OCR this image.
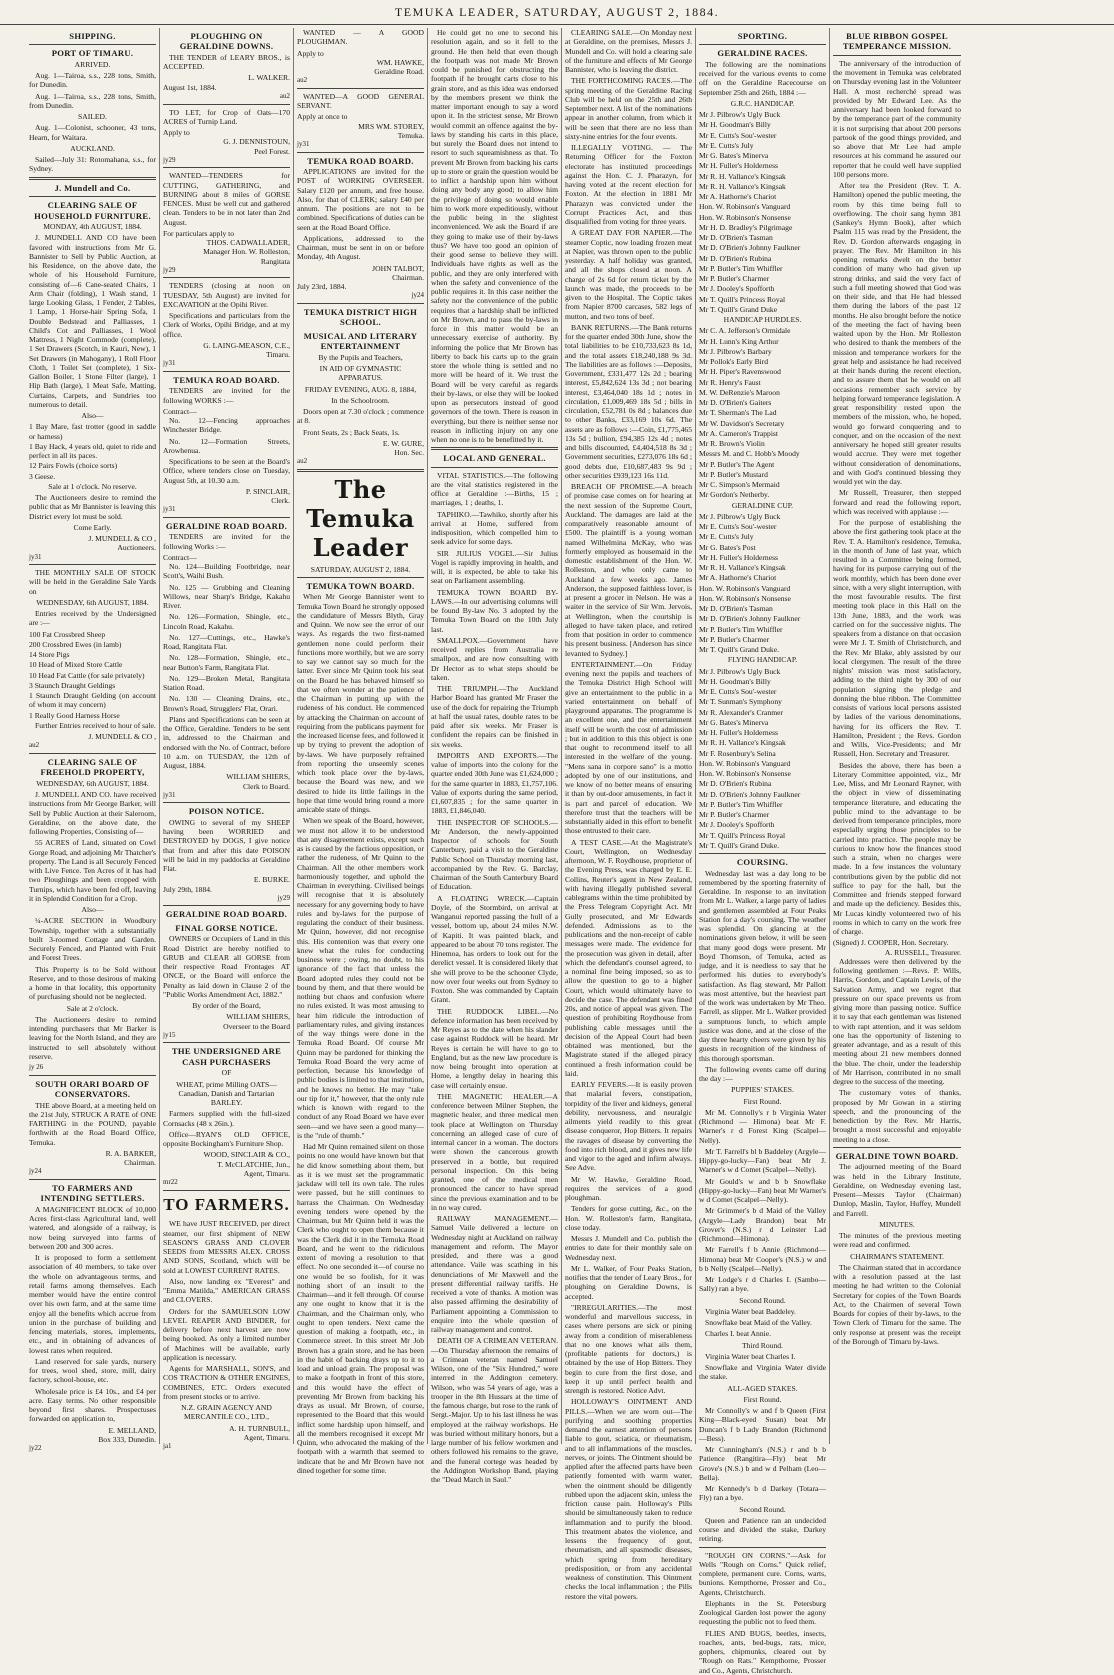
TEMUKA LEADER, SATURDAY, AUGUST 2, 1884.
SHIPPING.
PORT OF TIMARU.
ARRIVED.

Aug. 1—Tairoa, s.s., 228 tons, Smith, for Dunedin.

Aug. 1—Tairoa, s.s., 228 tons, Smith, from Dunedin.

SAILED.

Aug. 1—Colonist, schooner, 43 tons, Hearn, for Waitara.

AUCKLAND.

Sailed—July 31: Rotomahana, s.s., for Sydney.

J. Mundell and Co.
CLEARING SALE OF HOUSEHOLD FURNITURE.
MONDAY, 4th AUGUST, 1884.

J. MUNDELL AND CO have been favored with instructions from Mr G. Bannister to Sell by Public Auction, at his Residence, on the above date, the whole of his Household Furniture, consisting of—6 Cane-seated Chairs, 1 Arm Chair (folding), 1 Wash stand, 1 large Looking Glass, 1 Fender, 2 Tables, 1 Lamp, 1 Horse-hair Spring Sofa, 1 Double Bedstead and Palliasses, 1 Child's Cot and Palliasses, 1 Wool Mattress, 1 Night Commode (complete), 1 Set Drawers (Scotch, in Kauri, New), 1 Set Drawers (in Mahogany), 1 Roll Floor Cloth, 1 Toilet Set (complete), 1 Six-Gallon Boiler, 1 Stone Filter (large), 1 Hip Bath (large), 1 Meat Safe, Matting, Curtains, Carpets, and Sundries too numerous to detail.

Also—
1 Bay Mare, fast trotter (good in saddle or harness)
1 Bay Hack, 4 years old, quiet to ride and perfect in all its paces.
12 Pairs Fowls (choice sorts)
3 Geese.
Sale at 1 o'clock. No reserve.

The Auctioneers desire to remind the public that as Mr Bannister is leaving this District every lot must be sold.

Come Early.
J. MUNDELL & CO ,
Auctioneers.
jy31

THE MONTHLY SALE OF STOCK will be held in the Geraldine Sale Yards on

WEDNESDAY, 6th AUGUST, 1884.

Entries received by the Undersigned are :—

100 Fat Crossbred Sheep
200 Crossbred Ewes (in lamb)
14 Store Pigs
10 Head of Mixed Store Cattle
10 Head Fat Cattle (for sale privately)
3 Staunch Draught Geldings
1 Staunch Draught Gelding (on account of whom it may concern)
1 Really Good Harness Horse

Further Entries received to hour of sale.

J. MUNDELL & CO ,
au2
CLEARING SALE OF FREEHOLD PROPERTY,
WEDNESDAY, 6th AUGUST, 1884.

J. MUNDELL AND CO. have received instructions from Mr George Barker, will Sell by Public Auction at their Saleroom, Geraldine, on the above date, the following Properties, Consisting of—

55 ACRES of Land, situated on Cowl Gorge Road, and adjoining Mr Thatcher's property. The Land is all Securely Fenced with Live Fence. Ten Acres of it has had two Ploughings and been cropped with Turnips, which have been fed off, leaving it in Splendid Condition for a Crop.

Also—

¼-ACRE SECTION in Woodbury Township, together with a substantially built 3-roomed Cottage and Garden. Securely Fenced, and Planted with Fruit and Forest Trees.

This Property is to be Sold without Reserve, and to those desirous of making a home in that locality, this opportunity of purchasing should not be neglected.

Sale at 2 o'clock.

The Auctioneers desire to remind intending purchasers that Mr Barker is leaving for the North Island, and they are instructed to sell absolutely without reserve.

jy 26
SOUTH ORARI BOARD OF CONSERVATORS.

THE above Board, at a meeting held on the 21st July, STRUCK A RATE of ONE FARTHING in the POUND, payable forthwith at the Road Board Office, Temuka.

R. A. BARKER,
Chairman.
jy24
TO FARMERS AND INTENDING SETTLERS.

A MAGNIFICENT BLOCK of 10,000 Acres first-class Agricultural land, well watered, and alongside of a railway, is now being surveyed into farms of between 200 and 300 acres.

It is proposed to form a settlement association of 40 members, to take over the whole on advantageous terms, and retail farms among themselves. Each member would have the entire control over his own farm, and at the same time enjoy all the benefits which accrue from union in the purchase of building and fencing materials, stores, implements, etc., and in obtaining of advances of lowest rates when required.

Land reserved for sale yards, nursery for trees, wool shed, store, mill, dairy factory, school-house, etc.

Wholesale price is £4 10s., and £4 per acre. Easy terms. No other responsible beyond first shares. Prospectuses forwarded on application to,

E. MELLAND,
Box 333, Dunedin.
jy22
PLOUGHING ON GERALDINE DOWNS.

THE TENDER of LEARY BROS., is ACCEPTED.

L. WALKER.
August 1st, 1884.
au2

TO LET, for Crop of Oats—170 ACRES of Turnip Land.

Apply to
G. J. DENNISTOUN,
Peel Forest.
jy29

WANTED—TENDERS for CUTTING, GATHERING, and BURNING about 8 miles of GORSE FENCES. Must be well cut and gathered clean. Tenders to be in not later than 2nd August.

For particulars apply to
THOS. CADWALLADER,
Manager Hon. W. Rolleston,
Rangitata
jy29

TENDERS (closing at noon on TUESDAY, 5th August) are invited for EXCAVATION at the Opihi River.

Specifications and particulars from the Clerk of Works, Opihi Bridge, and at my office.

G. LAING-MEASON, C.E.,
Timaru.
jy31
TEMUKA ROAD BOARD.

TENDERS are invited for the following WORKS :—

Contract—

No. 12—Fencing approaches Winchester Bridge.

No. 12—Formation Streets, Arowhenua.

Specifications to be seen at the Board's Office, where tenders close on Tuesday, August 5th, at 10.30 a.m.

P. SINCLAIR,
Clerk.
jy31
GERALDINE ROAD BOARD.

TENDERS are invited for the following Works :—

Contract—

No. 124—Building Footbridge, near Scott's, Waihi Bush.

No. 125 — Grubbing and Cleaning Willows, near Sharp's Bridge, Kakahu River.

No. 126—Formation, Shingle, etc., Lincoln Road, Kakahu.

No. 127—Cuttings, etc., Hawke's Road, Rangitata Flat.

No. 128—Formation, Shingle, etc., near Button's Farm, Rangitata Flat.

No. 129—Broken Metal, Rangitata Station Road.

No. 130 — Cleaning Drains, etc., Brown's Road, Strugglers' Flat, Orari.

Plans and Specifications can be seen at the Office, Geraldine. Tenders to be sent in, addressed to the Chairman and endorsed with the No. of Contract, before 10 a.m. on TUESDAY, the 12th of August, 1884.

WILLIAM SHIERS,
Clerk to Board.
jy31
POISON NOTICE.

OWING to several of my SHEEP having been WORRIED and DESTROYED by DOGS, I give notice that from and after this date POISON will be laid in my paddocks at Geraldine Flat.

E. BURKE.
July 29th, 1884.
jy29
GERALDINE ROAD BOARD.
FINAL GORSE NOTICE.

OWNERS or Occupiers of Land in this Road District are hereby notified to GRUB and CLEAR all GORSE from their respective Road Frontages AT ONCE, or the Board will enforce the Penalty as laid down in Clause 2 of the "Public Works Amendment Act, 1882."

By order of the Board,
WILLIAM SHIERS,
Overseer to the Board
jy15
THE UNDERSIGNED ARE CASH PURCHASERS
OF
WHEAT, prime Milling OATS— Canadian, Danish and Tartarian BARLEY.

Farmers supplied with the full-sized Cornsacks (48 x 26in.).

Office—RYAN'S OLD OFFICE, opposite Bockingham's Furniture Shop.

WOOD, SINCLAIR & CO.,
T. McCLATCHIE, Jun.,
Agent, Timaru.
mr22
TO FARMERS.

WE have JUST RECEIVED, per direct steamer, our first shipment of NEW SEASON'S GRASS AND CLOVER SEEDS from MESSRS ALEX. CROSS AND SONS, Scotland, which will be sold at LOWEST CURRENT RATES.

Also, now landing ex "Everest" and "Emma Matilda," AMERICAN GRASS and CLOVERS.

Orders for the SAMUELSON LOW LEVEL REAPER AND BINDER, for delivery before next harvest are now being booked. As only a limited number of Machines will be available, early application is necessary.

Agents for MARSHALL, SON'S, and COS TRACTION & OTHER ENGINES, COMBINES, ETC. Orders executed from present stocks or to arrive.

N.Z. GRAIN AGENCY AND MERCANTILE CO., LTD.,
A. H. TURNBULL,
Agent, Timaru.
ja1

WANTED — A GOOD PLOUGHMAN.

Apply to
WM. HAWKE,
Geraldine Road.
au2

WANTED—A GOOD GENERAL SERVANT.

Apply at once to
MRS WM. STOREY,
Temuka.
jy31
TEMUKA ROAD BOARD.

APPLICATIONS are invited for the POST of WORKING OVERSEER. Salary £120 per annum, and free house. Also, for that of CLERK; salary £40 per annum. The positions are not to be combined. Specifications of duties can be seen at the Road Board Office.

Applications, addressed to the Chairman, must be sent in on or before Monday, 4th August.

JOHN TALBOT,
Chairman.
July 23rd, 1884.
jy24
TEMUKA DISTRICT HIGH SCHOOL.
MUSICAL AND LITERARY ENTERTAINMENT
By the Pupils and Teachers,
IN AID OF GYMNASTIC APPARATUS.
FRIDAY EVENING, AUG. 8, 1884,
In the Schoolroom.

Doors open at 7.30 o'clock ; commence at 8.

Front Seats, 2s ; Back Seats, 1s.

E. W. GURE,
Hon. Sec.
au2
The Temuka Leader
SATURDAY, AUGUST 2, 1884.
TEMUKA TOWN BOARD.

When Mr George Bannister went to Temuka Town Board he strongly opposed the candidature of Messrs Blyth, Gray and Quinn. We now see the error of our ways. As regards the two first-named gentlemen none could perform their functions more worthily, but we are sorry to say we cannot say so much for the latter. Ever since Mr Quinn took his seat on the Board he has behaved himself so that we often wonder at the patience of the Chairman in putting up with the rudeness of his conduct. He commenced by attacking the Chairman on account of requiring from the publicans payment for the increased license fees, and followed it up by trying to prevent the adoption of by-laws. We have purposely refrained from reporting the unseemly scenes which took place over the by-laws, because the Board was new, and we desired to hide its little failings in the hope that time would bring round a more amicable state of things.

When we speak of the Board, however, we must not allow it to be understood that any disagreement exists, except such as is caused by the factious opposition, or rather the rudeness, of Mr Quinn to the Chairman. All the other members work harmoniously together, and uphold the Chairman in everything. Civilised beings will recognise that it is absolutely necessary for any governing body to have rules and by-laws for the purpose of regulating the conduct of their business. Mr Quinn, however, did not recognise this. His contention was that every one knew what the rules for conducting business were ; owing, no doubt, to his ignorance of the fact that unless the Board adopted rules they could not be bound by them, and that there would be nothing but chaos and confusion where no rules existed. It was most amusing to hear him ridicule the introduction of parliamentary rules, and giving instances of the way things were done in the Temuka Road Board. Of course Mr Quinn may be pardoned for thinking the Temuka Road Board the very acme of perfection, because his knowledge of public bodies is limited to that institution, and he knows no better. He may "take our tip for it," however, that the only rule which is known with regard to the conduct of any Road Board we have ever seen—and we have seen a good many—is the "rule of thumb."

Had Mr Quinn remained silent on those points no one would have known but that he did know something about them, but as it is we must set the programmatic jackdaw will tell its own tale. The rules were passed, but he still continues to harrass the Chairman. On Wednesday evening tenders were opened by the Chairman, but Mr Quinn held it was the Clerk who ought to open them because it was the Clerk did it in the Temuka Road Board, and he went to the ridiculous extent of moving a resolution to that effect. No one seconded it—of course no one would be so foolish, for it was nothing short of an insult to the Chairman—and it fell through. Of course any one ought to know that it is the Chairman, and the Chairman only, who ought to open tenders. Next came the question of making a footpath, etc., in Commerce street. In this street Mr Job Brown has a grain store, and he has been in the habit of backing drays up to it to load and unload grain. The proposal was to make a footpath in front of this store, and this would have the effect of preventing Mr Brown from backing his drays as usual. Mr Brown, of course, represented to the Board that this would inflict some hardship upon himself, and all the members recognised it except Mr Quinn, who advocated the making of the footpath with a warmth that seemed to indicate that he and Mr Brown have not dined together for some time.

He could get no one to second his resolution again, and so it fell to the ground. He then held that even though the footpath was not made Mr Brown could be punished for obstructing the footpath if he brought carts close to his grain store, and as this idea was endorsed by the members present we think the matter important enough to say a word upon it. In the strictest sense, Mr Brown would commit an offence against the by-laws by standing his carts in this place, but surely the Board does not intend to resort to such squeamishness as that. To prevent Mr Brown from backing his carts up to store or grain the question would be to inflict a hardship upon him without doing any body any good; to allow him the privilege of doing so would enable him to work more expeditiously, without the public being in the slightest inconvenienced. We ask the Board if are they going to make use of their by-laws thus? We have too good an opinion of their good sense to believe they will. Individuals have rights as well as the public, and they are only interfered with when the safety and convenience of the public requires it. In this case neither the safety nor the convenience of the public requires that a hardship shall be inflicted on Mr Brown, and to pass the by-laws in force in this matter would be an unnecessary exercise of authority. By informing the police that Mr Brown has liberty to back his carts up to the grain store the whole thing is settled and no more will be heard of it. We trust the Board will be very careful as regards their by-laws, or else they will be looked upon as persecutors instead of good governors of the town. There is reason in everything, but there is neither sense nor reason in inflicting injury on any one when no one is to be benefitted by it.

LOCAL AND GENERAL.

VITAL STATISTICS.—The following are the vital statistics registered in the office at Geraldine :—Births, 15 ; marriages, 1 ; deaths, 1.

TAPHIKO.—Tawhiko, shortly after his arrival at Home, suffered from indisposition, which compelled him to seek advice for some days.

SIR JULIUS VOGEL.—Sir Julius Vogel is rapidly improving in health, and will, it is expected, be able to take his seat on Parliament assembling.

TEMUKA TOWN BOARD BY-LAWS.—In our advertising columns will be found By-law No. 3 adopted by the Temuka Town Board on the 10th July last.

SMALLPOX.—Government have received replies from Australia re smallpox, and are now consulting with Dr Hector as to what steps should be taken.

THE TRIUMPH.—The Auckland Harbor Board has granted Mr Fraser the use of the dock for repairing the Triumph at half the usual rates, double rates to be paid after six weeks. Mr Fraser is confident the repairs can be finished in six weeks.

IMPORTS AND EXPORTS.—The value of imports into the colony for the quarter ended 30th June was £1,624,000 ; for the same quarter in 1883, £1,757,106. Value of exports during the same period, £1,607,835 ; for the same quarter in 1883, £1,846,040.

THE INSPECTOR OF SCHOOLS.—Mr Anderson, the newly-appointed Inspector of schools for South Canterbury, paid a visit to the Geraldine Public School on Thursday morning last, accompanied by the Rev. G. Barclay, Chairman of the South Canterbury Board of Education.

A FLOATING WRECK.—Captain Doyle, of the Stormbird, on arrival at Wanganui reported passing the hull of a vessel, bottom up, about 24 miles N.W. of Kapiti. It was painted black, and appeared to be about 70 tons register. The Hinemoa, has orders to look out for the derelict vessel. It is considered likely that she will prove to be the schooner Clyde, now over four weeks out from Sydney to Foxton. She was commanded by Captain Grant.

THE RUDDOCK LIBEL.—No defence information has been received by Mr Reyes as to the date when his slander case against Ruddock will be heard. Mr Reyes is certain he will have to go to England, but as the new law procedure is now being brought into operation at Home, a lengthy delay in hearing this case will certainly ensue.

THE MAGNETIC HEALER.—A conference between Milner Stephen, the magnetic healer, and three medical men took place at Wellington on Thursday concerning an alleged case of cure of internal cancer in a woman. The doctors were shown the cancerous growth preserved in a bottle, but required personal inspection. On this being granted, one of the medical men pronounced the cancer to have spread since the previous examination and to be in no way cured.

RAILWAY MANAGEMENT.—Samuel Vaile delivered a lecture on Wednesday night at Auckland on railway management and reform. The Mayor presided, and there was a good attendance. Vaile was scathing in his denunciations of Mr Maxwell and the present differential railway tariffs. He received a vote of thanks. A motion was also passed affirming the desirability of Parliament appointing a Commission to enquire into the whole question of railway management and control.

DEATH OF A CRIMEAN VETERAN.—On Thursday afternoon the remains of a Crimean veteran named Samuel Wilson, one of the "Six Hundred," were interred in the Addington cemetery. Wilson, who was 54 years of age, was a trooper in the 8th Hussars at the time of the famous charge, but rose to the rank of Sergt.-Major. Up to his last illness he was employed at the railway workshops. He was buried without military honors, but a large number of his fellow workmen and others followed his remains to the grave, and the funeral cortege was headed by the Addington Workshop Band, playing the "Dead March in Saul."

CLEARING SALE.—On Monday next at Geraldine, on the premises, Messrs J. Mundell and Co. will hold a clearing sale of the furniture and effects of Mr George Bannister, who is leaving the district.

THE FORTHCOMING RACES.—The spring meeting of the Geraldine Racing Club will be held on the 25th and 26th September next. A list of the nominations appear in another column, from which it will be seen that there are no less than sixty-nine entries for the four events.

ILLEGALLY VOTING. — The Returning Officer for the Foxton electorate has instituted proceedings against the Hon. C. J. Pharazyn, for having voted at the recent election for Foxton. At the election in 1881 Mr Pharazyn was convicted under the Corrupt Practices Act, and thus disqualified from voting for three years.

A GREAT DAY FOR NAPIER.—The steamer Coptic, now loading frozen meat at Napier, was thrown open to the public yesterday. A half holiday was granted, and all the shops closed at noon. A charge of 2s 6d for return ticket by the launch was made, the proceeds to be given to the Hospital. The Coptic takes from Napier 8700 carcases, 582 legs of mutton, and two tons of beef.

BANK RETURNS.—The Bank returns for the quarter ended 30th June, show the total liabilities to be £10,733,623 8s 1d, and the total assets £18,240,188 9s 3d. The liabilities are as follows :—Deposits, Government, £331,477 12s 2d ; bearing interest, £5,842,624 13s 3d ; not bearing interest, £3,464,040 18s 1d ; notes in circulation, £1,009,469 18s 5d ; bills in circulation, £52,781 0s 8d ; balances due to other Banks, £33,169 10s 6d. The assets are as follows :—Coin, £1,775,465 13s 5d ; bullion, £94,385 12s 4d ; notes and bills discounted, £4,404,518 8s 3d ; Government securities, £273,076 18s 6d ; good debts due, £10,687,483 9s 9d ; other securities £939,123 16s 11d.

BREACH OF PROMISE.—A breach of promise case comes on for hearing at the next session of the Supreme Court, Auckland. The damages are laid at the comparatively reasonable amount of £500. The plaintiff is a young woman named Wilhelmina McKay, who was formerly employed as housemaid in the domestic establishment of the Hon. W. Rolleston, and who only came to Auckland a few weeks ago. James Anderson, the supposed faithless lover, is at present a grocer in Nelson. He was a waiter in the service of Sir Wm. Jervois, at Wellington, when the courtship is alleged to have taken place, and retired from that position in order to commence his present business. [Anderson has since levanted to Sydney.]

ENTERTAINMENT.—On Friday evening next the pupils and teachers of the Temuka District High School will give an entertainment to the public in a varied entertainment on behalf of playground apparatus. The programme is an excellent one, and the entertainment itself will be worth the cost of admission ; but in addition to this this object is one that ought to recommend itself to all interested in the welfare of the young. "Mens sana in corpore sano" is a motto adopted by one of our institutions, and we know of no better means of ensuring it than by out-door amusements, in fact it is part and parcel of education. We therefore trust that the teachers will be substantially aided in this effort to benefit those entrusted to their care.

A TEST CASE.—At the Magistrate's Court, Wellington, on Wednesday afternoon, W. F. Roydhouse, proprietor of the Evening Press, was charged by E. E. Collins, Reuter's agent in New Zealand, with having illegally published several cablegrams within the time prohibited by the Press Telegram Copyright Act. Mr Gully prosecuted, and Mr Edwards defended. Admissions as to the publications and the non-receipt of cable messages were made. The evidence for the prosecution was given in detail, after which the defendant's counsel agreed, to a nominal fine being imposed, so as to allow the question to go to a higher Court, which would ultimately have to decide the case. The defendant was fined 20s, and notice of appeal was given. The question of prohibiting Roydhouse from publishing cable messages until the decision of the Appeal Court had been obtained was mentioned, but the Magistrate stated if the alleged piracy continued a fresh information could be laid.

EARLY FEVERS.—It is easily proven that malarial fevers, constipation, torpidity of the liver and kidneys, general debility, nervousness, and neuralgic ailments yield readily to this great disease conqueror, Hop Bitters. It repairs the ravages of disease by converting the food into rich blood, and it gives new life and vigor to the aged and infirm always. See Adve.

Mr W. Hawke, Geraldine Road, requires the services of a good ploughman.

Tenders for gorse cutting, &c., on the Hon. W. Rolleston's farm, Rangitata, close today.

Messrs J. Mundell and Co. publish the entries to date for their monthly sale on Wednesday next.

Mr L. Walker, of Four Peaks Station, notifies that the tender of Leary Bros., for ploughing on Geraldine Downs, is accepted.

"IRREGULARITIES.—The most wonderful and marvellous success, in cases where persons are sick or pining away from a condition of miserableness that no one knows what ails them, (profitable patients for doctors,) is obtained by the use of Hop Bitters. They begin to cure from the first dose, and keep it up until perfect health and strength is restored. Notice Advt.

HOLLOWAY'S OINTMENT AND PILLS.—When we are worn out—The purifying and soothing properties demand the earnest attention of persons liable to gout, sciatica, or rheumatism, and to all inflammations of the muscles, nerves, or joints. The Ointment should be applied after the affected parts have been patiently fomented with warm water, when the ointment should be diligently rubbed upon the adjacent skin, unless the friction cause pain. Holloway's Pills should be simultaneously taken to reduce inflammation and to purify the blood. This treatment abates the violence, and lessens the frequency of gout, rheumatism, and all spasmodic diseases, which spring from hereditary predisposition, or from any accidental weakness of constitution. This Ointment checks the local inflammation ; the Pills restore the vital powers.

SPORTING.
GERALDINE RACES.

The following are the nominations received for the various events to come off on the Geraldine Racecourse on September 25th and 26th, 1884 :—

G.R.C. HANDICAP.
Mr J. Pilbrow's Ugly Buck
Mr H. Goodman's Billy
Mr E. Cutts's Sou'-wester
Mr E. Cutts's July
Mr G. Bates's Minerva
Mr H. Fuller's Holderness
Mr R. H. Vallance's Kingsak
Mr R. H. Vallance's Kingsak
Mr A. Hathorne's Chariot
Hon. W. Robinson's Vanguard
Hon. W. Robinson's Nonsense
Mr H. D. Bradley's Pilgrimage
Mr D. O'Brien's Tasman
Mr D. O'Brien's Johnny Faulkner
Mr D. O'Brien's Rubina
Mr P. Butler's Tim Whiffler
Mr P. Butler's Charmer
Mr J. Dooley's Spofforth
Mr T. Quill's Princess Royal
Mr T. Quill's Grand Duke
HANDICAP HURDLES.
Mr C. A. Jefferson's Ormidale
Mr H. Lunn's King Arthur
Mr J. Pilbrow's Barbary
Mr Pollok's Early Bird
Mr H. Piper's Ravenswood
Mr R. Henry's Faust
M. W. DeRenzie's Maroon
Mr D. O'Brien's Gaiters
Mr T. Sherman's The Lad
Mr W. Davidson's Secretary
Mr A. Cameron's Trappist
Mr R. Brown's Violin
Messrs M. and C. Hobb's Moody
Mr P. Butler's The Agent
Mr P. Butler's Mustard
Mr C. Simpson's Mermaid
Mr Gordon's Netherby.
GERALDINE CUP.
Mr J. Pilbrow's Ugly Buck
Mr E. Cutts's Sou'-wester
Mr E. Cutts's July
Mr G. Bates's Post
Mr H. Fuller's Holderness
Mr R. H. Vallance's Kingsak
Mr A. Hathorne's Chariot
Hon. W. Robinson's Vanguard
Hon. W. Robinson's Nonsense
Mr D. O'Brien's Tasman
Mr D. O'Brien's Johnny Faulkner
Mr P. Butler's Tim Whiffler
Mr P. Butler's Charmer
Mr T. Quill's Grand Duke.
FLYING HANDICAP.
Mr J. Pilbrow's Ugly Buck
Mr H. Goodman's Billy
Mr E. Cutts's Sou'-wester
Mr T. Sunman's Symphony
Mr R. Alexander's Cranmer
Mr G. Bates's Minerva
Mr H. Fuller's Holderness
Mr R. H. Vallance's Kingsak
Mr F. Rosenbury's Selina
Hon. W. Robinson's Vanguard
Hon. W. Robinson's Nonsense
Mr D. O'Brien's Rubina
Mr D. O'Brien's Johnny Faulkner
Mr P. Butler's Tim Whiffler
Mr P. Butler's Charmer
Mr J. Dooley's Spofforth
Mr T. Quill's Princess Royal
Mr T. Quill's Grand Duke.
COURSING.

Wednesday last was a day long to be remembered by the sporting fraternity of Geraldine. In response to an invitation from Mr L. Walker, a large party of ladies and gentlemen assembled at Four Peaks Station for a day's coursing. The weather was splendid. On glancing at the nominations given below, it will be seen that many good dogs were present. Mr Boyd Thomson, of Temuka, acted as judge, and it is needless to say that he performed his duties to everybody's satisfaction. As flag steward, Mr Pallott was most attentive, but the heaviest part of the work was undertaken by Mr Theo. Farrell, as slipper. Mr L. Walker provided a sumptuous lunch, to which ample justice was done, and at the close of the day three hearty cheers were given by his guests in recognition of the kindness of this thorough sportsman.

The following events came off during the day :—

PUPPIES' STAKES.
First Round.

Mr M. Connolly's r b Virginia Water (Richmond — Himona) beat Mr F. Warner's r d Forest King (Scalpel—Nelly).

Mr T. Farrell's bl b Baddeley (Argyle—Hippy-go-lucky—Fan) beat Mr J. Warner's w d Comet (Scalpel—Nelly).

Mr Gould's w and b b Snowflake (Hippy-go-lucky—Fan) beat Mr Warner's w d Comet (Scalpel—Nelly).

Mr Grimmer's b d Maid of the Valley (Argyle—Lady Brandon) beat Mr Grover's (N.S.) r d Leinster Lad (Richmond—Himona).

Mr Farrell's f b Annie (Richmond—Himona) beat Mr Cooper's (N.S.) w and b b Nelly (Scalpel—Nelly).

Mr Lodge's r d Charles I. (Sambo—Sally) ran a bye.

Second Round.

Virginia Water beat Baddeley.

Snowflake beat Maid of the Valley.

Charles I. beat Annie.

Third Round.

Virginia Water beat Charles I.

Snowflake and Virginia Water divide the stake.

ALL-AGED STAKES.
First Round.

Mr Connolly's w and f b Queen (First King—Black-eyed Susan) beat Mr Duncan's f b Lady Brandon (Richmond—Bess).

Mr Cunningham's (N.S.) r and b b Patience (Rangitira—Fly) beat Mr Grove's (N.S.) b and w d Pelham (Leo—Bella).

Mr Kennedy's b d Darkey (Totara—Fly) ran a bye.

Second Round.

Queen and Patience ran an undecided course and divided the stake, Darkey retiring.

"ROUGH ON CORNS."—Ask for Wells "Rough on Corns." Quick relief, complete, permanent cure. Corns, warts, bunions. Kempthorne, Prosser and Co., Agents, Christchurch.

Elephants in the St. Petersburg Zoological Garden lost power the agony requesting the public not to feed them.

FLIES AND BUGS, beetles, insects, roaches, ants, bed-bugs, rats, mice, gophers, chipmunks, cleared out by "Rough on Rats." Kempthorne, Prosser and Co., Agents, Christchurch.

BLUE RIBBON GOSPEL TEMPERANCE MISSION.

The anniversary of the introduction of the movement in Temuka was celebrated on Thursday evening last in the Volunteer Hall. A most recherché spread was provided by Mr Edward Lee. As the anniversary had been looked forward to by the temperance part of the community it is not surprising that about 200 persons partook of the good things provided, and so above that Mr Lee had ample resources at his command he assured our reporter that he could well have supplied 100 persons more.

After tea the President (Rev. T. A. Hamilton) opened the public meeting, the room by this time being full to overflowing. The choir sang hymn 381 (Sankey's Hymn Book), after which Psalm 115 was read by the President, the Rev. D. Gordon afterwards engaging in prayer. The Rev. Mr Hamilton in his opening remarks dwelt on the better condition of many who had given up strong drinks, and said the very fact of such a full meeting showed that God was on their side, and that He had blessed them during the labors of the past 12 months. He also brought before the notice of the meeting the fact of having been waited upon by the Hon. Mr Rolleston who desired to thank the members of the mission and temperance workers for the great help and assistance he had received at their hands during the recent election, and to assure them that he would on all occasions remember such service by helping forward temperance legislation. A great responsibility rested upon the members of the mission, who, he hoped, would go forward conquering and to conquer, and on the occasion of the next anniversary he hoped still greater results would accrue. They were met together without consideration of denominations, and with God's continued blessing they would yet win the day.

Mr Russell, Treasurer, then stepped forward and read the following report, which was received with applause :—

For the purpose of establishing the above the first gathering took place at the Rev. T. A. Hamilton's residence, Temuka, in the month of June of last year, which resulted in a Committee being formed, having for its purpose carrying out of the work monthly, which has been done ever since, with a very slight interruption, with the most favourable results. The first meeting took place in this Hall on the 13th June, 1883, and the work was carried on for the successive nights. The speakers from a distance on that occasion were Mr J. T. Smith of Christchurch, and the Rev. Mr Blake, ably assisted by our local clergymen. The result of the three nights' mission was most satisfactory, adding to the third night by 300 of our population signing the pledge and donning the blue ribbon. The Committee consists of various local persons assisted by ladies of the various denominations, having for its officers the Rev. T. Hamilton, President ; the Revs. Gordon and Wills, Vice-Presidents; and Mr Russell, Hon. Secretary and Treasurer.

Besides the above, there has been a Literary Committee appointed, viz., Mr Lee, Miss, and Mr Leonard Rayner, with the object in view of disseminating temperance literature, and educating the public mind to the advantage to be derived from temperance principles, more especially urging those principles to be carried into practice. The people may be curious to know how the finances stood such a strain, when no charges were made. In a few instances the voluntary contributions given by the public did not suffice to pay for the hall, but the Committee and friends stepped forward and made up the deficiency. Besides this, Mr Lucas kindly volunteered two of his rooms in which to carry on the work free of charge.

(Signed) J. COOPER, Hon. Secretary.
A. RUSSELL, Treasurer.

Addresses were then delivered by the following gentlemen :—Revs. P. Wills, Harris, Gordon, and Captain Lewis, of the Salvation Army, and we regret that pressure on our space prevents us from giving more than passing notice. Suffice it to say that each gentleman was listened to with rapt attention, and it was seldom one has the opportunity of listening to greater advantage, and as a result of this meeting about 21 new members donned the blue. The choir, under the leadership of Mr Harrison, contributed in no small degree to the success of the meeting.

The customary votes of thanks, proposed by Mr Gowan in a stirring speech, and the pronouncing of the benediction by the Rev. Mr Harris, brought a most successful and enjoyable meeting to a close.

GERALDINE TOWN BOARD.

The adjourned meeting of the Board was held in the Library Institute, Geraldine, on Wednesday evening last, Present—Messrs Taylor (Chairman) Dunlop, Maslin, Taylor, Huffey, Mundell and Farrell.

MINUTES.

The minutes of the previous meeting were read and confirmed.

CHAIRMAN'S STATEMENT.

The Chairman stated that in accordance with a resolution passed at the last meeting he had written to the Colonial Secretary for copies of the Town Boards Act, to the Chairmen of several Town Boards for copies of their by-laws, to the Town Clerk of Timaru for the same. The only response at present was the receipt of the Borough of Timaru by-laws.
